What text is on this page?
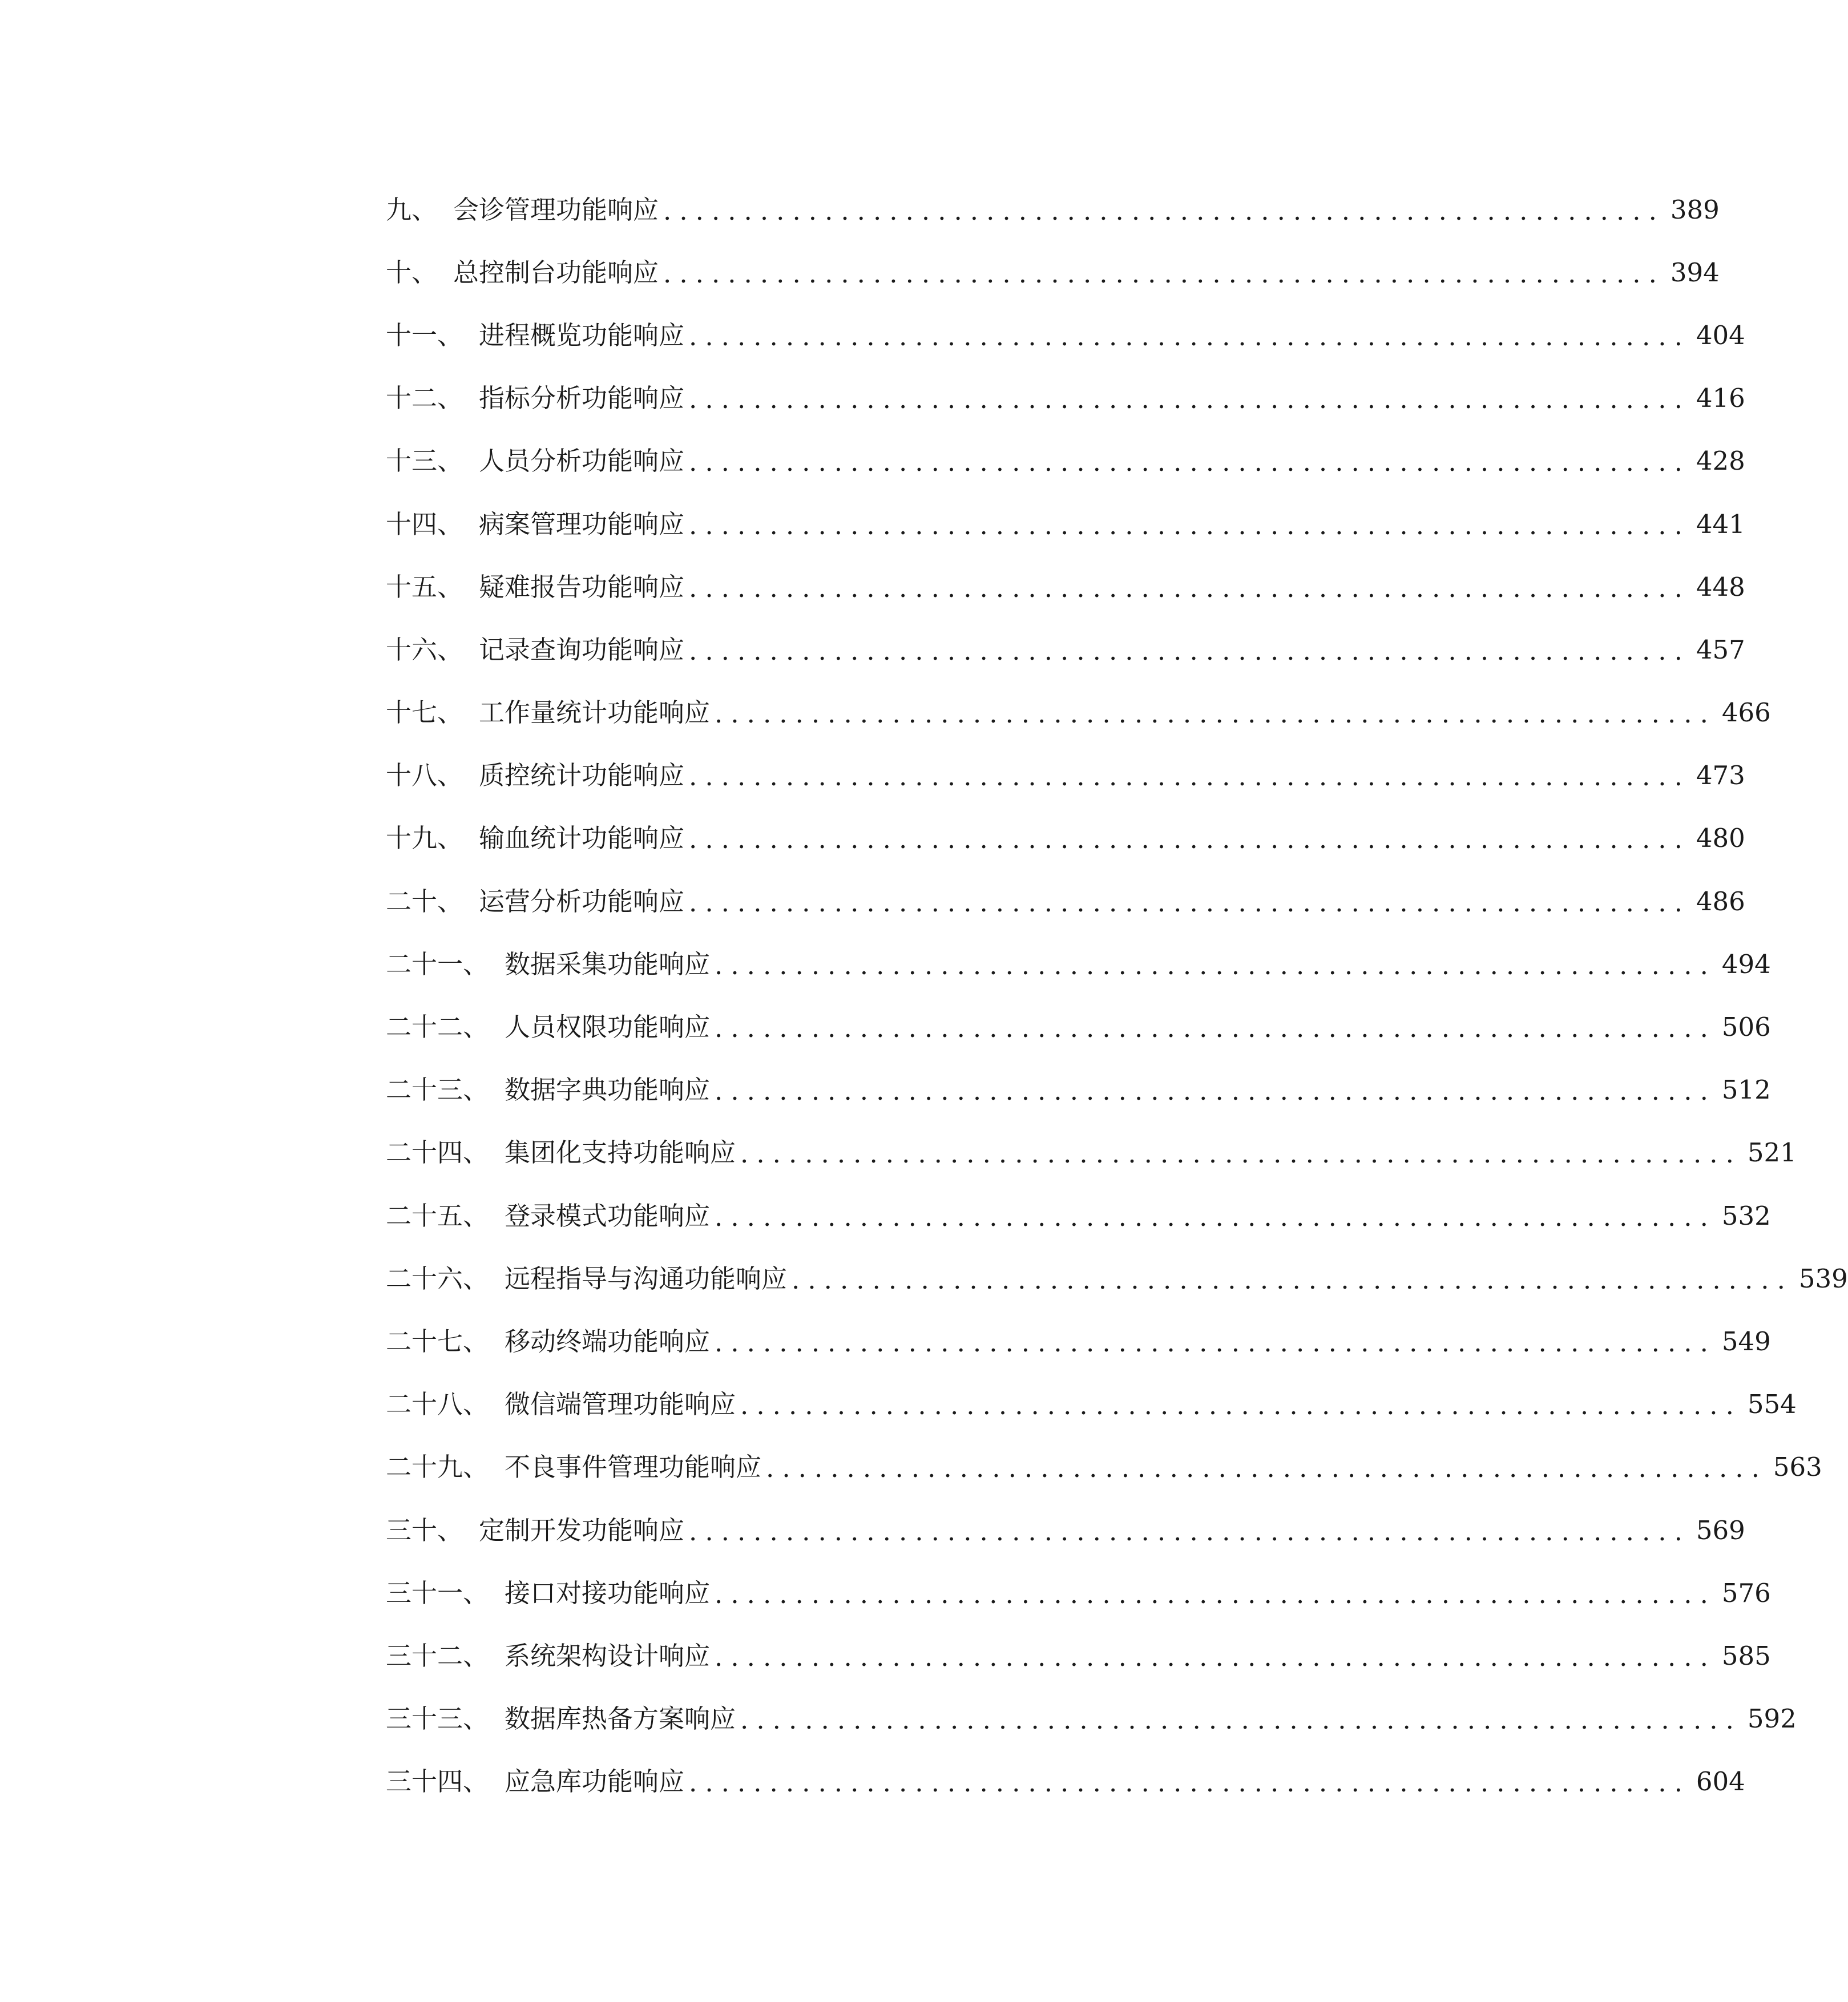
九、 会诊管理功能响应 .............................................................. 389
十、 总控制台功能响应 .............................................................. 394
十一、 进程概览功能响应 .............................................................. 404
十二、 指标分析功能响应 .............................................................. 416
十三、 人员分析功能响应 .............................................................. 428
十四、 病案管理功能响应 .............................................................. 441
十五、 疑难报告功能响应 .............................................................. 448
十六、 记录查询功能响应 .............................................................. 457
十七、 工作量统计功能响应 .............................................................. 466
十八、 质控统计功能响应 .............................................................. 473
十九、 输血统计功能响应 .............................................................. 480
二十、 运营分析功能响应 .............................................................. 486
二十一、 数据采集功能响应 .............................................................. 494
二十二、 人员权限功能响应 .............................................................. 506
二十三、 数据字典功能响应 .............................................................. 512
二十四、 集团化支持功能响应 .............................................................. 521
二十五、 登录模式功能响应 .............................................................. 532
二十六、 远程指导与沟通功能响应 .............................................................. 539
二十七、 移动终端功能响应 .............................................................. 549
二十八、 微信端管理功能响应 .............................................................. 554
二十九、 不良事件管理功能响应 .............................................................. 563
三十、 定制开发功能响应 .............................................................. 569
三十一、 接口对接功能响应 .............................................................. 576
三十二、 系统架构设计响应 .............................................................. 585
三十三、 数据库热备方案响应 .............................................................. 592
三十四、 应急库功能响应 .............................................................. 604
